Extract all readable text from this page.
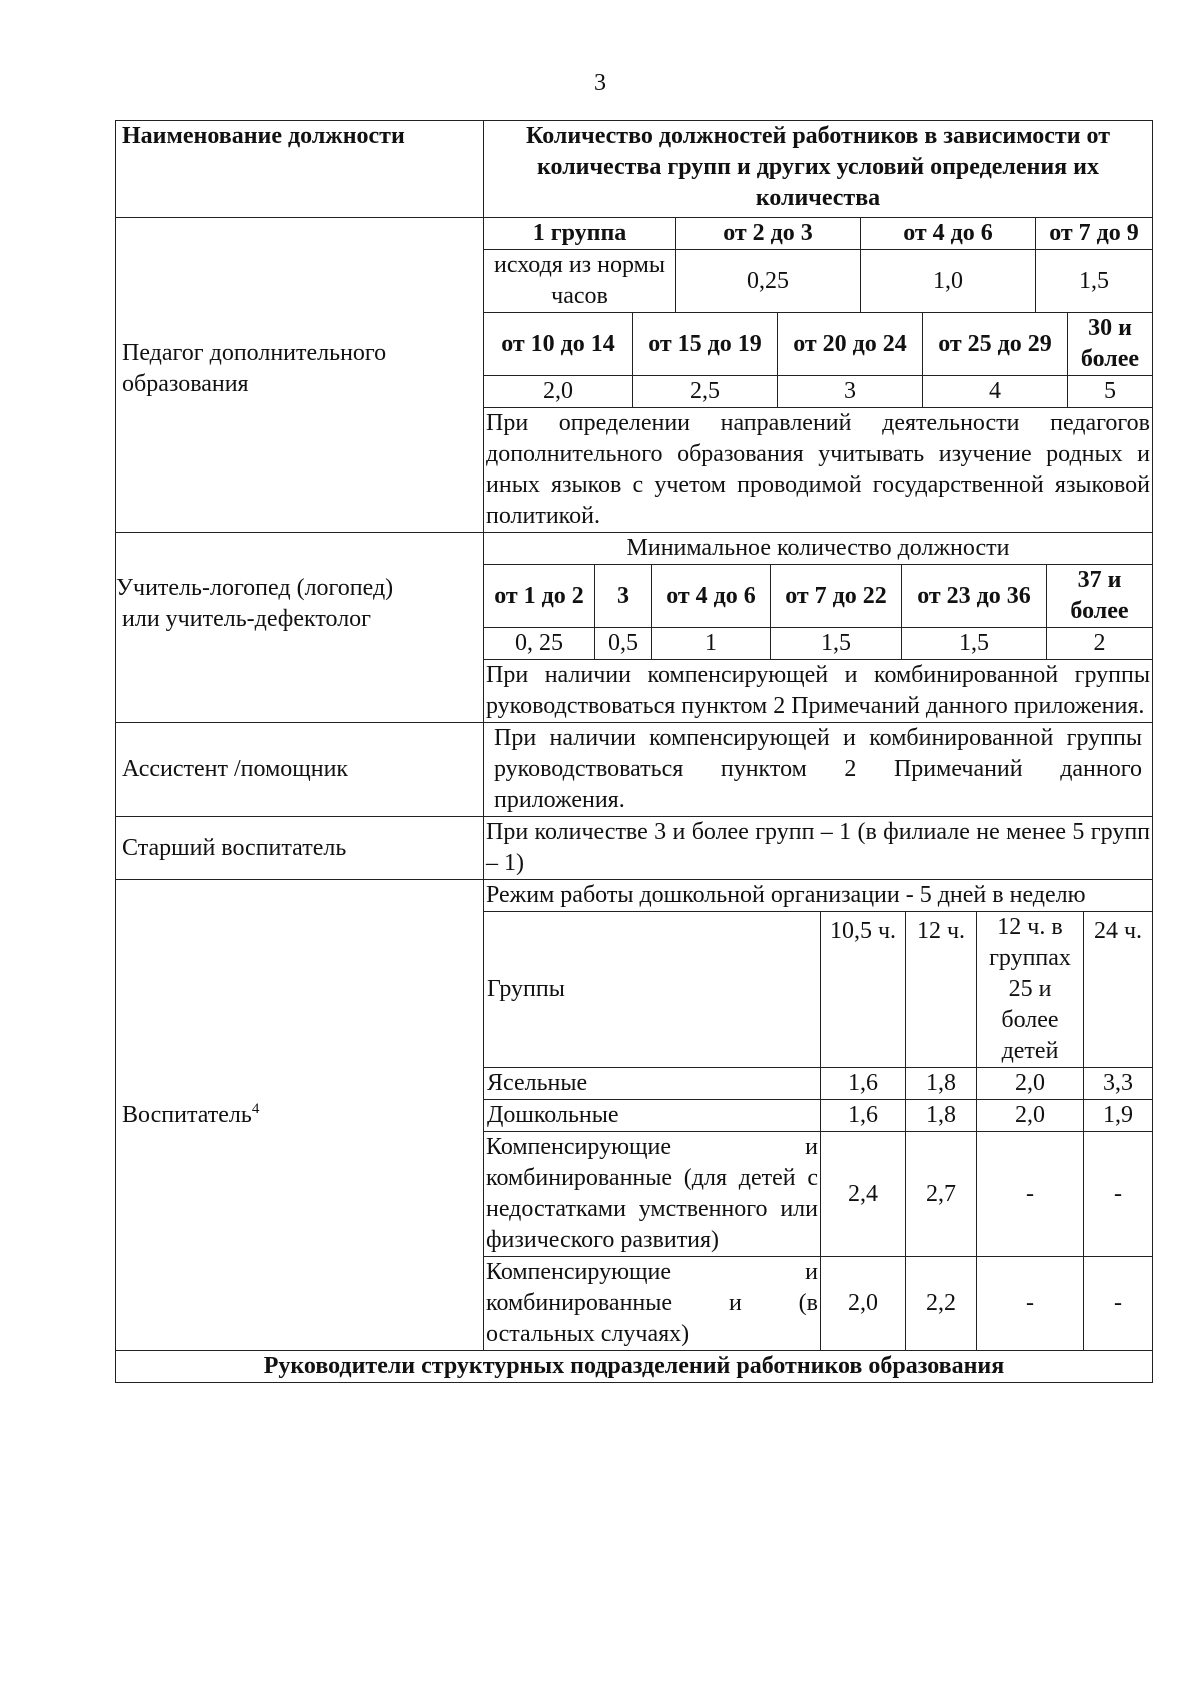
3
Наименование должности	Количество должностей работников в зависимости от количества групп и других условий определения их количества
Педагог дополнительного образования	
1 группа	от 2 до 3	от 4 до 6	от 7 до 9
исходя из нормы часов	0,25	1,0	1,5
от 10 до 14	от 15 до 19	от 20 до 24	от 25 до 29	30 и более
2,0	2,5	3	4	5
При определении направлений деятельности педагогов дополнительного образования учитывать изучение родных и иных языков с учетом проводимой государственной языковой политикой.

Учитель-логопед (логопед)
или учитель-дефектолог

Минимальное количество должности
от 1 до 2	3	от 4 до 6	от 7 до 22	от 23 до 36	37 и более
0, 25	0,5	1	1,5	1,5	2
При наличии компенсирующей и комбинированной группы руководствоваться пунктом 2 Примечаний данного приложения.

Ассистент /помощник	При наличии компенсирующей и комбинированной группы руководствоваться пунктом 2 Примечаний данного приложения.
Старший воспитатель	При количестве 3 и более групп – 1 (в филиале не менее 5 групп – 1)
Воспитатель$^4$	
Режим работы дошкольной организации - 5 дней в неделю
Группы	10,5 ч.	12 ч.	12 ч. в группах 25 и более детей	24 ч.
Ясельные	1,6	1,8	2,0	3,3
Дошкольные	1,6	1,8	2,0	1,9
Компенсирующие и комбинированные (для детей с недостатками умственного или физического развития)	2,4	2,7	-	-
Компенсирующие и комбинированные и (в остальных случаях)	2,0	2,2	-	-

Руководители структурных подразделений работников образования
